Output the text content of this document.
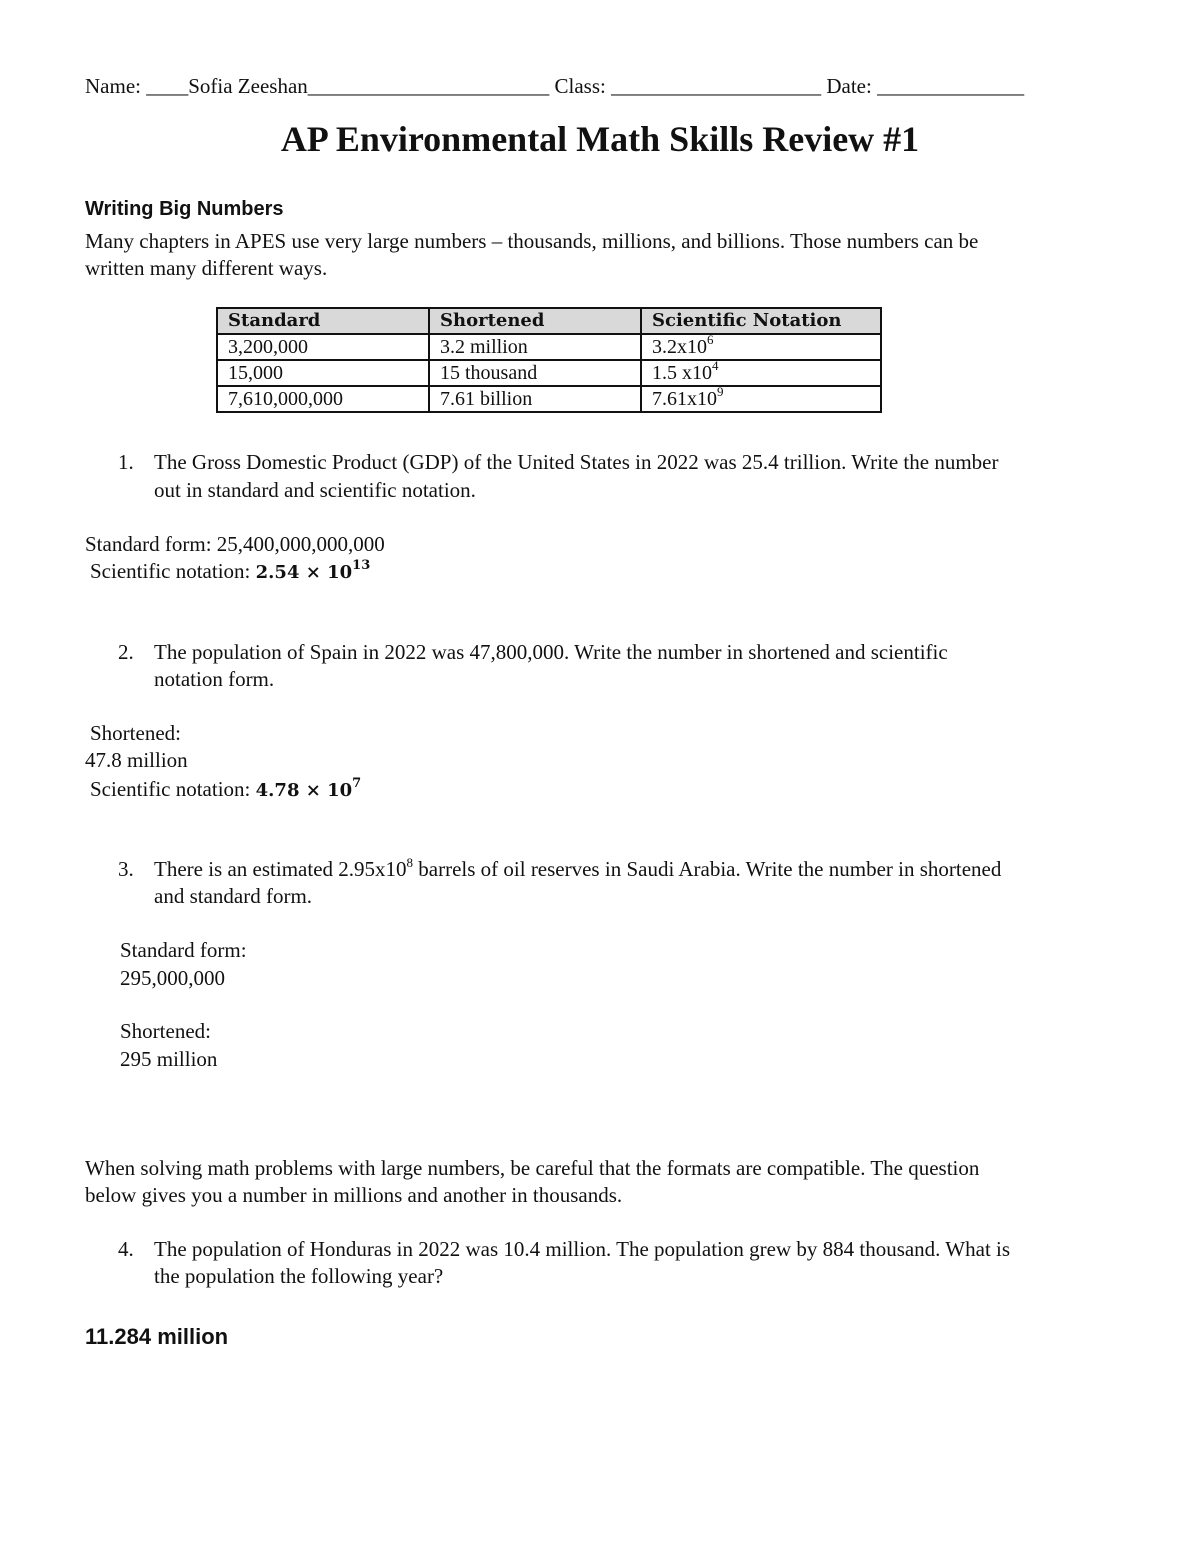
Name: ____Sofia Zeeshan_______________________ Class: ____________________ Date: ______________
AP Environmental Math Skills Review #1
Writing Big Numbers
Many chapters in APES use very large numbers – thousands, millions, and billions. Those numbers can be
written many different ways.
Standard	Shortened	Scientific Notation
3,200,000	3.2 million	$3.2x10^6$
15,000	15 thousand	1.5 $x10^4$
7,610,000,000	7.61 billion	$7.61x10^9$
1. The Gross Domestic Product (GDP) of the United States in 2022 was 25.4 trillion. Write the number
out in standard and scientific notation.
Standard form: 25,400,000,000,000
Scientific notation: $2.54 \times 10^{13}$
2. The population of Spain in 2022 was 47,800,000. Write the number in shortened and scientific
notation form.
Shortened:
47.8 million
Scientific notation: $4.78 \times 10^7$
3. There is an estimated $2.95x10^8$ barrels of oil reserves in Saudi Arabia. Write the number in shortened
and standard form.
Standard form:
295,000,000
Shortened:
295 million
When solving math problems with large numbers, be careful that the formats are compatible. The question
below gives you a number in millions and another in thousands.
4. The population of Honduras in 2022 was 10.4 million. The population grew by 884 thousand. What is
the population the following year?
11.284 million
